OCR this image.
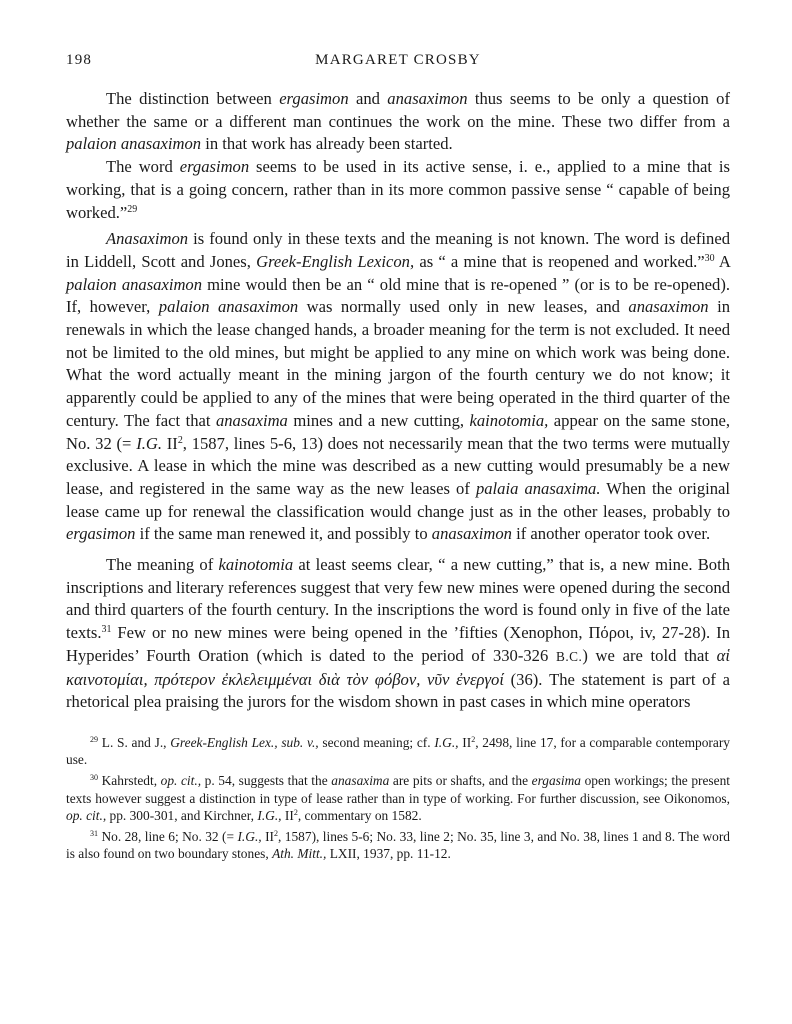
198	MARGARET CROSBY

The distinction between ergasimon and anasaximon thus seems to be only a question of whether the same or a different man continues the work on the mine. These two differ from a palaion anasaximon in that work has already been started.

The word ergasimon seems to be used in its active sense, i. e., applied to a mine that is working, that is a going concern, rather than in its more common passive sense “ capable of being worked.”$^{29}$

Anasaximon is found only in these texts and the meaning is not known. The word is defined in Liddell, Scott and Jones, Greek-English Lexicon, as “ a mine that is reopened and worked.”$^{30}$ A palaion anasaximon mine would then be an “ old mine that is re-opened ” (or is to be re-opened). If, however, palaion anasaximon was normally used only in new leases, and anasaximon in renewals in which the lease changed hands, a broader meaning for the term is not excluded. It need not be limited to the old mines, but might be applied to any mine on which work was being done. What the word actually meant in the mining jargon of the fourth century we do not know; it apparently could be applied to any of the mines that were being operated in the third quarter of the century. The fact that anasaxima mines and a new cutting, kainotomia, appear on the same stone, No. 32 (= I.G. $II^2$, 1587, lines 5-6, 13) does not necessarily mean that the two terms were mutually exclusive. A lease in which the mine was described as a new cutting would presumably be a new lease, and registered in the same way as the new leases of palaia anasaxima. When the original lease came up for renewal the classification would change just as in the other leases, probably to ergasimon if the same man renewed it, and possibly to anasaximon if another operator took over.

The meaning of kainotomia at least seems clear, “ a new cutting,” that is, a new mine. Both inscriptions and literary references suggest that very few new mines were opened during the second and third quarters of the fourth century. In the inscriptions the word is found only in five of the late texts.$^{31}$ Few or no new mines were being opened in the ’fifties (Xenophon, Πόροι, iv, 27-28). In Hyperides’ Fourth Oration (which is dated to the period of 330-326 B.C.) we are told that αἱ καινοτομίαι, πρότερον ἐκλελειμμέναι διὰ τὸν φόβον, νῦν ἐνεργοί (36). The statement is part of a rhetorical plea praising the jurors for the wisdom shown in past cases in which mine operators

$^{29}$ L. S. and J., Greek-English Lex., sub. v., second meaning; cf. I.G., $II^2$, 2498, line 17, for a comparable contemporary use.

$^{30}$ Kahrstedt, op. cit., p. 54, suggests that the anasaxima are pits or shafts, and the ergasima open workings; the present texts however suggest a distinction in type of lease rather than in type of working. For further discussion, see Oikonomos, op. cit., pp. 300-301, and Kirchner, I.G., $II^2$, commentary on 1582.

$^{31}$ No. 28, line 6; No. 32 (= I.G., $II^2$, 1587), lines 5-6; No. 33, line 2; No. 35, line 3, and No. 38, lines 1 and 8. The word is also found on two boundary stones, Ath. Mitt., LXII, 1937, pp. 11-12.
